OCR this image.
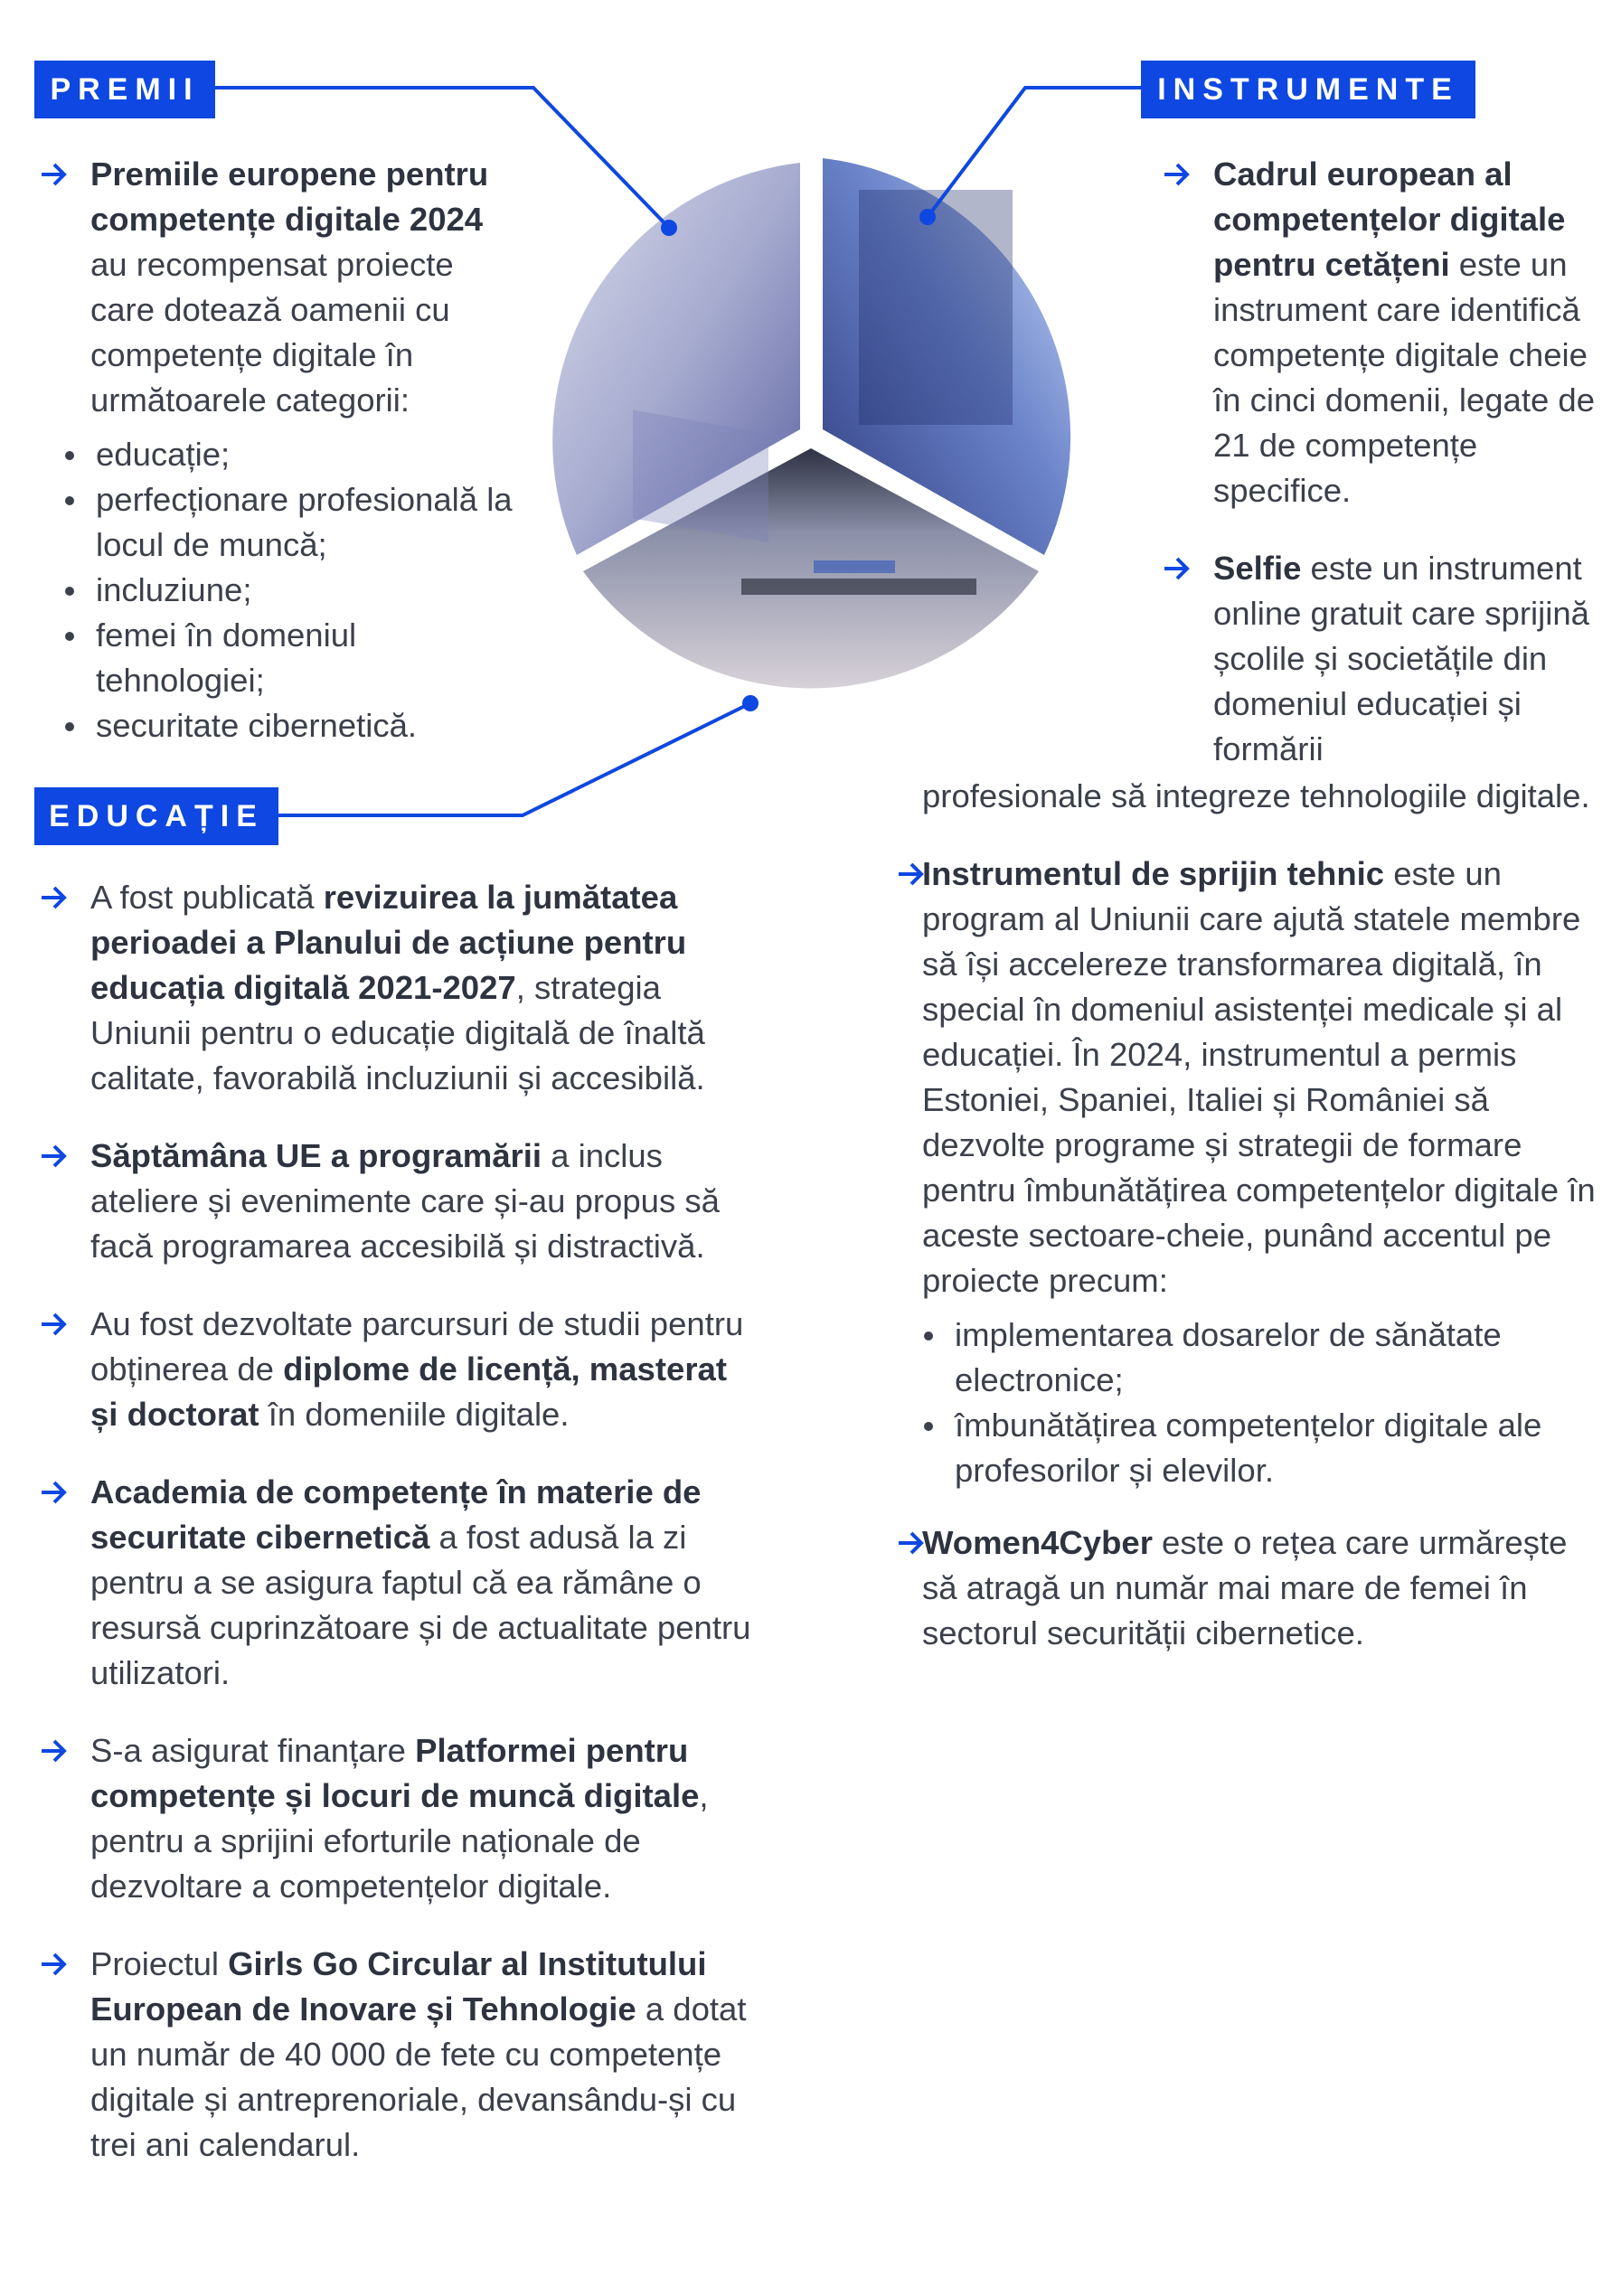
PREMII	INSTRUMENTE
EDUCAȚIE

Premiile europene pentru competențe digitale 2024
au recompensat proiecte care dotează oamenii cu competențe digitale în următoarele categorii:

educație;
perfecționare profesională la locul de muncă;
incluziune;
femei în domeniul tehnologiei;
securitate cibernetică.

Cadrul european al competențelor digitale pentru cetățeni este un instrument care identifică competențe digitale cheie în cinci domenii, legate de 21 de competențe specifice.

Selfie este un instrument online gratuit care sprijină școlile și societățile din domeniul educației și formării

profesionale să integreze tehnologiile digitale.

Instrumentul de sprijin tehnic este un program al Uniunii care ajută statele membre să își accelereze transformarea digitală, în special în domeniul asistenței medicale și al educației. În 2024, instrumentul a permis Estoniei, Spaniei, Italiei și României să dezvolte programe și strategii de formare pentru îmbunătățirea competențelor digitale în aceste sectoare-cheie, punând accentul pe proiecte precum:

implementarea dosarelor de sănătate electronice;
îmbunătățirea competențelor digitale ale profesorilor și elevilor.

Women4Cyber este o rețea care urmărește să atragă un număr mai mare de femei în sectorul securității cibernetice.

A fost publicată revizuirea la jumătatea perioadei a Planului de acțiune pentru educația digitală 2021-2027, strategia Uniunii pentru o educație digitală de înaltă calitate, favorabilă incluziunii și accesibilă.

Săptămâna UE a programării a inclus ateliere și evenimente care și-au propus să facă programarea accesibilă și distractivă.

Au fost dezvoltate parcursuri de studii pentru obținerea de diplome de licență, masterat și doctorat în domeniile digitale.

Academia de competențe în materie de securitate cibernetică a fost adusă la zi pentru a se asigura faptul că ea rămâne o resursă cuprinzătoare și de actualitate pentru utilizatori.

S-a asigurat finanțare Platformei pentru competențe și locuri de muncă digitale, pentru a sprijini eforturile naționale de dezvoltare a competențelor digitale.

Proiectul Girls Go Circular al Institutului European de Inovare și Tehnologie a dotat un număr de 40 000 de fete cu competențe digitale și antreprenoriale, devansându-și cu trei ani calendarul.
